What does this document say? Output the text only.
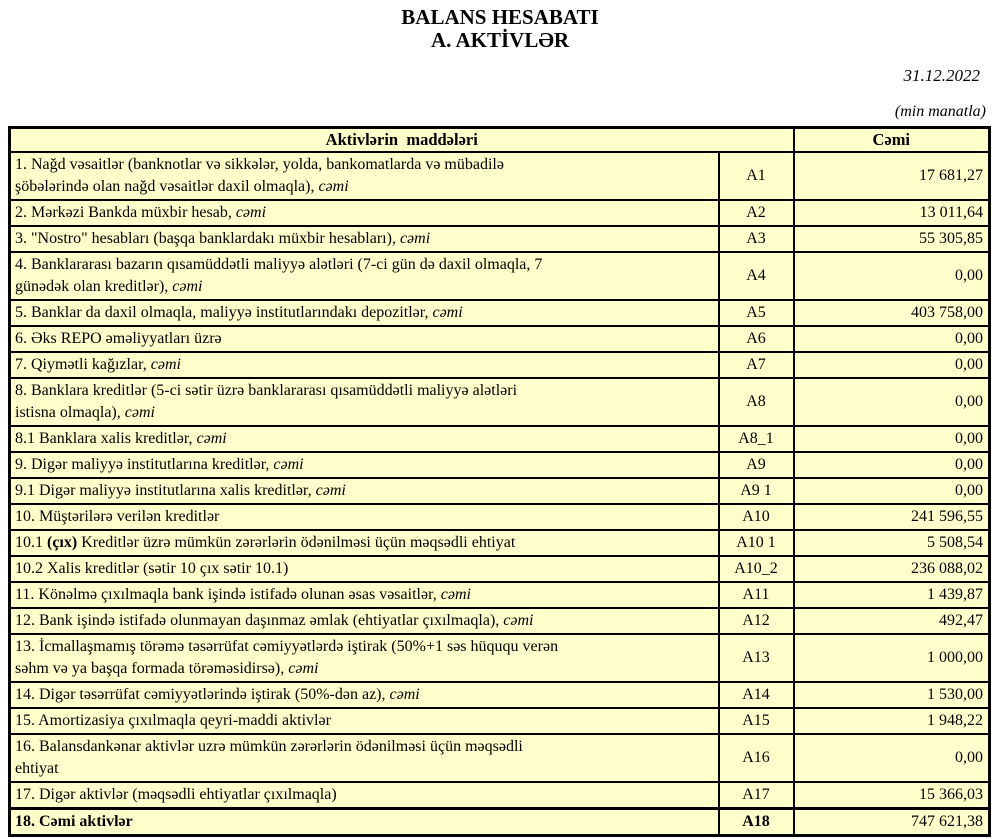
BALANS HESABATI
A. AKTİVLƏR
31.12.2022
(min manatla)
Aktivlərin  maddələri		Cəmi
1. Nağd vəsaitlər (banknotlar və sikkələr, yolda, bankomatlarda və mübadilə
şöbələrində olan nağd vəsaitlər daxil olmaqla), cəmi	A1	17 681,27
2. Mərkəzi Bankda müxbir hesab, cəmi	A2	13 011,64
3. "Nostro" hesabları (başqa banklardakı müxbir hesabları), cəmi	A3	55 305,85
4. Banklararası bazarın qısamüddətli maliyyə alətləri (7-ci gün də daxil olmaqla, 7
günədək olan kreditlər), cəmi	A4	0,00
5. Banklar da daxil olmaqla, maliyyə institutlarındakı depozitlər, cəmi	A5	403 758,00
6. Əks REPO əməliyyatları üzrə	A6	0,00
7. Qiymətli kağızlar, cəmi	A7	0,00
8. Banklara kreditlər (5-ci sətir üzrə banklararası qısamüddətli maliyyə alətləri
istisna olmaqla), cəmi	A8	0,00
8.1 Banklara xalis kreditlər, cəmi	A8_1	0,00
9. Digər maliyyə institutlarına kreditlər, cəmi	A9	0,00
9.1 Digər maliyyə institutlarına xalis kreditlər, cəmi	A9 1	0,00
10. Müştərilərə verilən kreditlər	A10	241 596,55
10.1 (çıx) Kreditlər üzrə mümkün zərərlərin ödənilməsi üçün məqsədli ehtiyat	A10 1	5 508,54
10.2 Xalis kreditlər (sətir 10 çıx sətir 10.1)	A10_2	236 088,02
11. Könəlmə çıxılmaqla bank işində istifadə olunan əsas vəsaitlər, cəmi	A11	1 439,87
12. Bank işində istifadə olunmayan daşınmaz əmlak (ehtiyatlar çıxılmaqla), cəmi	A12	492,47
13. İcmallaşmamış törəmə təsərrüfat cəmiyyətlərdə iştirak (50%+1 səs hüququ verən
səhm və ya başqa formada törəməsidirsə), cəmi	A13	1 000,00
14. Digər təsərrüfat cəmiyyətlərində iştirak (50%-dən az), cəmi	A14	1 530,00
15. Amortizasiya çıxılmaqla qeyri-maddi aktivlər	A15	1 948,22
16. Balansdankənar aktivlər uzrə mümkün zərərlərin ödənilməsi üçün məqsədli
ehtiyat	A16	0,00
17. Digər aktivlər (məqsədli ehtiyatlar çıxılmaqla)	A17	15 366,03
18. Cəmi aktivlər	A18	747 621,38
